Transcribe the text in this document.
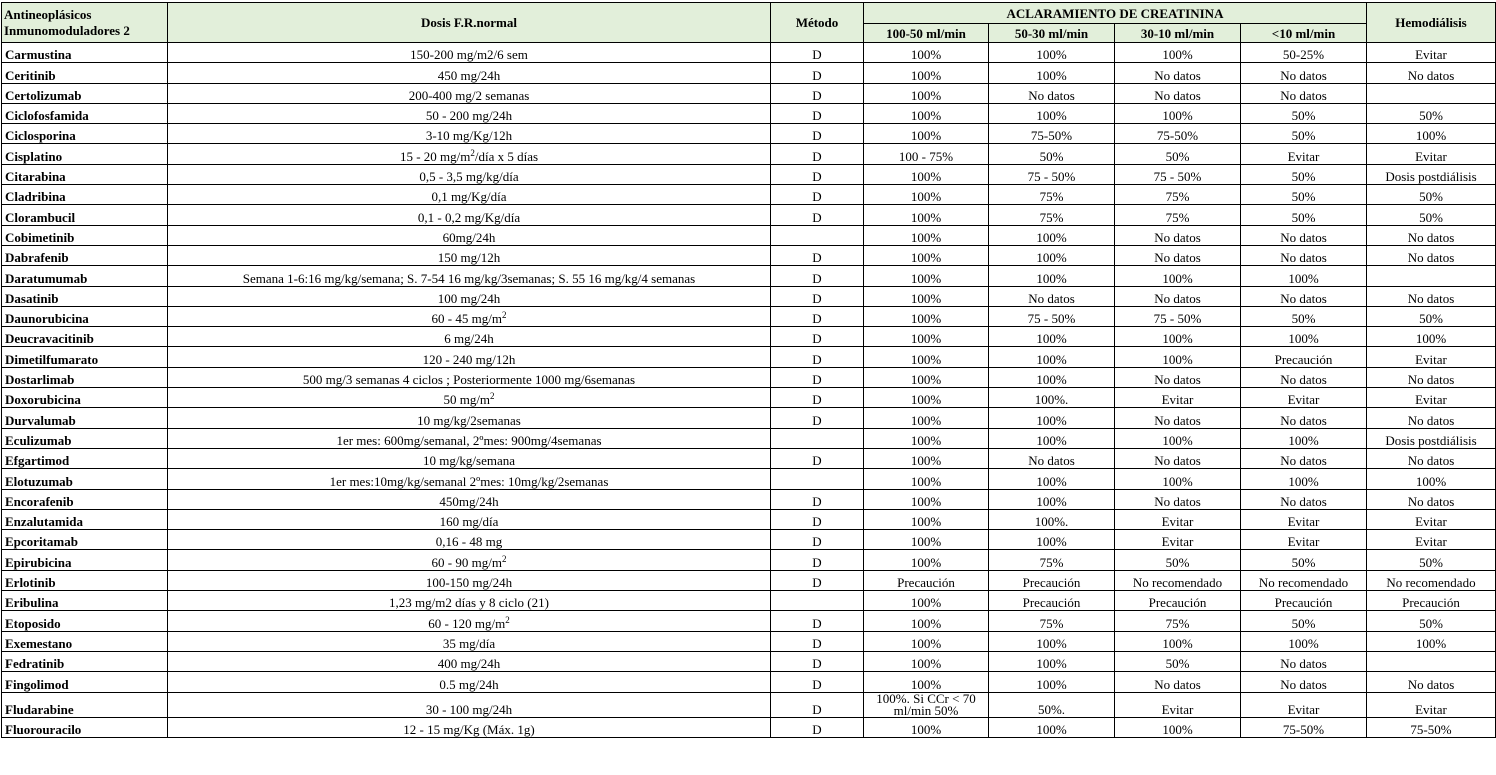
Antineoplásicos
Inmunomoduladores 2	Dosis F.R.normal	Método	ACLARAMIENTO DE CREATININA				Hemodiálisis
			100-50 ml/min	50-30 ml/min	30-10 ml/min	<10 ml/min	
Carmustina	150-200 mg/m2/6 sem	D	100%	100%	100%	50-25%	Evitar
Ceritinib	450 mg/24h	D	100%	100%	No datos	No datos	No datos
Certolizumab	200-400 mg/2 semanas	D	100%	No datos	No datos	No datos	
Ciclofosfamida	50 - 200 mg/24h	D	100%	100%	100%	50%	50%
Ciclosporina	3-10 mg/Kg/12h	D	100%	75-50%	75-50%	50%	100%
Cisplatino	15 - 20 $mg/m^2$/día x 5 días	D	100 - 75%	50%	50%	Evitar	Evitar
Citarabina	0,5 - 3,5 mg/kg/día	D	100%	75 - 50%	75 - 50%	50%	Dosis postdiálisis
Cladribina	0,1 mg/Kg/día	D	100%	75%	75%	50%	50%
Clorambucil	0,1 - 0,2 mg/Kg/día	D	100%	75%	75%	50%	50%
Cobimetinib	60mg/24h		100%	100%	No datos	No datos	No datos
Dabrafenib	150 mg/12h	D	100%	100%	No datos	No datos	No datos
Daratumumab	Semana 1-6:16 mg/kg/semana; S. 7-54 16 mg/kg/3semanas; S. 55 16 mg/kg/4 semanas	D	100%	100%	100%	100%	
Dasatinib	100 mg/24h	D	100%	No datos	No datos	No datos	No datos
Daunorubicina	60 - 45 $mg/m^2$	D	100%	75 - 50%	75 - 50%	50%	50%
Deucravacitinib	6 mg/24h	D	100%	100%	100%	100%	100%
Dimetilfumarato	120 - 240 mg/12h	D	100%	100%	100%	Precaución	Evitar
Dostarlimab	500 mg/3 semanas 4 ciclos ; Posteriormente 1000 mg/6semanas	D	100%	100%	No datos	No datos	No datos
Doxorubicina	50 $mg/m^2$	D	100%	100%.	Evitar	Evitar	Evitar
Durvalumab	10 mg/kg/2semanas	D	100%	100%	No datos	No datos	No datos
Eculizumab	1er mes: 600mg/semanal, 2ºmes: 900mg/4semanas		100%	100%	100%	100%	Dosis postdiálisis
Efgartimod	10 mg/kg/semana	D	100%	No datos	No datos	No datos	No datos
Elotuzumab	1er mes:10mg/kg/semanal 2ºmes: 10mg/kg/2semanas		100%	100%	100%	100%	100%
Encorafenib	450mg/24h	D	100%	100%	No datos	No datos	No datos
Enzalutamida	160 mg/día	D	100%	100%.	Evitar	Evitar	Evitar
Epcoritamab	0,16 - 48 mg	D	100%	100%	Evitar	Evitar	Evitar
Epirubicina	60 - 90 $mg/m^2$	D	100%	75%	50%	50%	50%
Erlotinib	100-150 mg/24h	D	Precaución	Precaución	No recomendado	No recomendado	No recomendado
Eribulina	1,23 mg/m2 días y 8 ciclo (21)		100%	Precaución	Precaución	Precaución	Precaución
Etoposido	60 - 120 $mg/m^2$	D	100%	75%	75%	50%	50%
Exemestano	35 mg/día	D	100%	100%	100%	100%	100%
Fedratinib	400 mg/24h	D	100%	100%	50%	No datos	
Fingolimod	0.5 mg/24h	D	100%	100%	No datos	No datos	No datos
Fludarabine	30 - 100 mg/24h	D	100%. Si CCr < 70 ml/min 50%	50%.	Evitar	Evitar	Evitar
Fluorouracilo	12 - 15 mg/Kg (Máx. 1g)	D	100%	100%	100%	75-50%	75-50%
